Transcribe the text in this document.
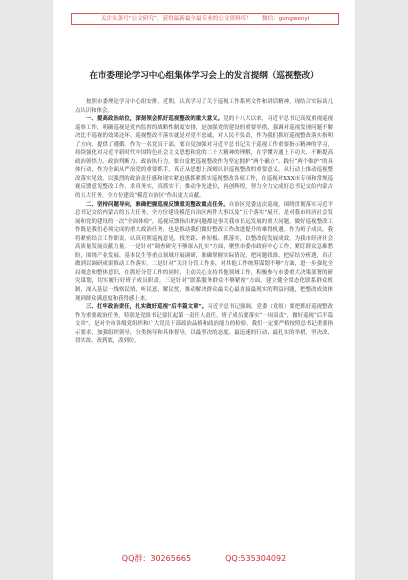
关注头条号“公文研究”，获得最新最全最专业的公文资料库！ 微信：gongwenyi
在市委理论学习中心组集体学习会上的发言提纲（巡视整改）

按照市委理论学习中心组安排，近期，认真学习了关于巡视工作系列文件和讲话精神，现结合实际谈几点认识和体会。

一、提高政治站位，深刻领会抓好巡视整改的重大意义。党的十八大以来，习近平总书记高度重视巡视巡察工作，明确巡视是党内监督的战略性制度安排，是加强党的建设的重要举措，强调对巡视发现问题不解决比不巡视的效果还坏。巡视整改不落实就是对党不忠诚，对人民不负责，作为我们抓好巡视整改落实指明了方向，提供了遵循。作为一名党员干部，要自觉加强对习近平总书记关于巡视工作重要指示精神的学习，持续强化对习近平新时代中国特色社会主义思想和党的二十大精神的理解，在学懂弄通上下功夫，不断提高政治领悟力、政治判断力、政治执行力。要自觉把巡视整改作为坚定拥护“两个确立”、践行“两个维护”的具体行动，作为全面从严治党的重要抓手，真正从思想上深刻认识巡视整改的重要意义，从行动上推动巡视整改落实见效。以强烈的政治责任感和现实紧迫感抓紧抓实巡视整改各项工作，在巡视对XXX市专项和常规巡视反馈意见整改工作，求真务实，真抓实干，推动争先进位，再创辉煌，努力全力完成好总书记交给内蒙古的五大任务，全方位建设“模范自治区”作出更大贡献。

二、坚持问题导向，准确把握巡视反馈意见整改重点任务。自治区党委这次巡视，围绕贯彻落实习近平总书记交给内蒙古的五大任务，全方位建设模范自治区两件大事以及“五个落实”展开，是对我市经济社会发展和党的建设的一次“全面体检”，巡视反馈指出的问题都是事关我市长远发展的重大问题。做好巡视整改工作既是我们必须完成的重大政治任务，也是推动我们做好整改工作改进提升的难得机遇。作为班子成员，我将紧密结合工作职责，认真对照巡视意见，找差距、补短板、抓落实，以整改促发展成效，为我市经济社会高质量发展贡献力量。一是针对“调查研究不够深入扎实”方面，聚焦市委市政府中心工作，紧盯群众急难愁盼，围绕产业发展、基本民生等重点领域开展调研，准确掌握实际情况，把问题找准、把症结分析透，真正做到以调研成果推动工作落实。二是针对“关注分管工作多，对其他工作统筹谋划不够”方面，进一步强化全局观念和整体意识，在抓好分管工作的同时，主动关心支持其他领域工作，积极参与市委重大决策部署的研究谋划，切实履行好班子成员职责。三是针对“联系服务群众不够紧密”方面，建立健全常态化联系群众机制，深入基层一线察民情、听民意、解民忧，推动解决群众最关心最直接最现实的利益问题，把整改成效体现到群众满意度和获得感上来。

三、扛牢政治责任，扎实做好巡视“后半篇文章”。习近平总书记强调，党委（党组）要把抓好巡视整改作为重要政治任务，特别是党组书记要扛起第一责任人责任，班子成员要落实“一岗双责”，做好巡视“后半篇文章”，是对全市各级党组织和广大党员干部政治品格和政治能力的检验。我们一定要严格按照总书记重要指示要求，加强组织领导，分类指导和具体督导，以最坚决的态度、最迅速的行动、最扎实的举措，坚决改、切实改、改到底，改到位。

QQ群：30265665	QQ:535304092
